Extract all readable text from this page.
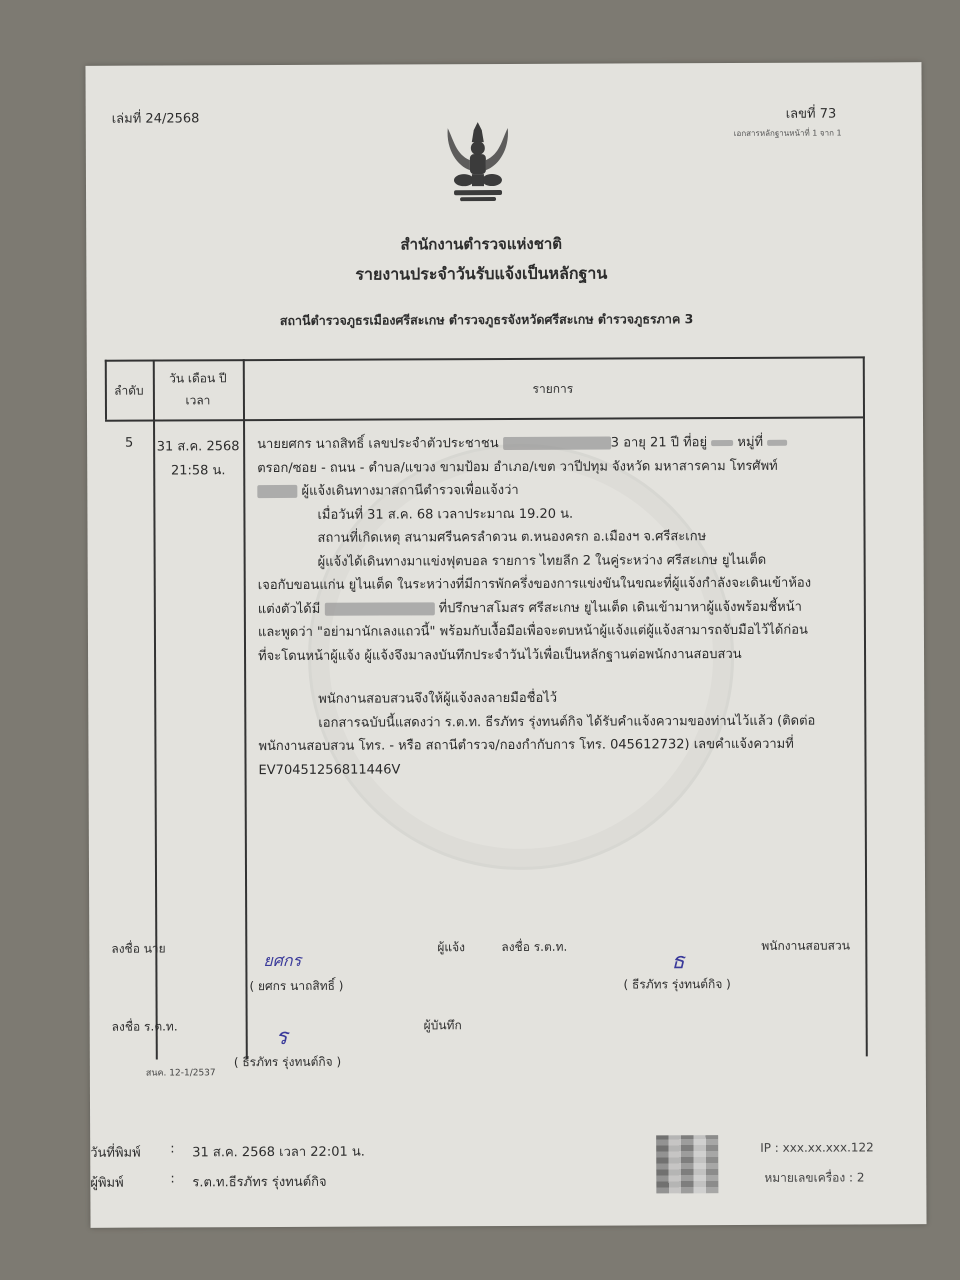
เล่มที่ 24/2568	เลขที่ 73
เอกสารหลักฐานหน้าที่ 1 จาก 1
สำนักงานตำรวจแห่งชาติ
รายงานประจำวันรับแจ้งเป็นหลักฐาน
สถานีตำรวจภูธรเมืองศรีสะเกษ ตำรวจภูธรจังหวัดศรีสะเกษ ตำรวจภูธรภาค 3
ลำดับ
วัน เดือน ปี
เวลา
รายการ
5	31 ส.ค. 2568
21:58 น.
นายยศกร นาถสิทธิ์ เลขประจำตัวประชาชน	3 อายุ 21 ปี ที่อยู่ หมู่ที่
ตรอก/ซอย - ถนน - ตำบล/แขวง ขามป้อม อำเภอ/เขต วาปีปทุม จังหวัด มหาสารคาม โทรศัพท์
ผู้แจ้งเดินทางมาสถานีตำรวจเพื่อแจ้งว่า
เมื่อวันที่ 31 ส.ค. 68 เวลาประมาณ 19.20 น.
สถานที่เกิดเหตุ สนามศรีนครลำดวน ต.หนองครก อ.เมืองฯ จ.ศรีสะเกษ
ผู้แจ้งได้เดินทางมาแข่งฟุตบอล รายการ ไทยลีก 2 ในคู่ระหว่าง ศรีสะเกษ ยูไนเต็ด
เจอกับขอนแก่น ยูไนเต็ด ในระหว่างที่มีการพักครึ่งของการแข่งขันในขณะที่ผู้แจ้งกำลังจะเดินเข้าห้อง
แต่งตัวได้มี	ที่ปรึกษาสโมสร ศรีสะเกษ ยูไนเต็ด เดินเข้ามาหาผู้แจ้งพร้อมชี้หน้า
และพูดว่า "อย่ามานักเลงแถวนี้" พร้อมกับเงื้อมือเพื่อจะตบหน้าผู้แจ้งแต่ผู้แจ้งสามารถจับมือไว้ได้ก่อน
ที่จะโดนหน้าผู้แจ้ง ผู้แจ้งจึงมาลงบันทึกประจำวันไว้เพื่อเป็นหลักฐานต่อพนักงานสอบสวน
พนักงานสอบสวนจึงให้ผู้แจ้งลงลายมือชื่อไว้
เอกสารฉบับนี้แสดงว่า ร.ต.ท. ธีรภัทร รุ่งทนต์กิจ ได้รับคำแจ้งความของท่านไว้แล้ว (ติดต่อ
พนักงานสอบสวน โทร. - หรือ สถานีตำรวจ/กองกำกับการ โทร. 045612732) เลขคำแจ้งความที่
EV70451256811446V
ลงชื่อ นาย
ยศกร
( ยศกร นาถสิทธิ์ )
ผู้แจ้ง	ลงชื่อ ร.ต.ท.
ธ
( ธีรภัทร รุ่งทนต์กิจ )
พนักงานสอบสวน
ลงชื่อ ร.ต.ท.	ร
( ธีรภัทร รุ่งทนต์กิจ )
ผู้บันทึก
สนค. 12-1/2537
วันที่พิมพ์ : 31 ส.ค. 2568 เวลา 22:01 น.
ผู้พิมพ์	: ร.ต.ท.ธีรภัทร รุ่งทนต์กิจ
IP : xxx.xx.xxx.122
หมายเลขเครื่อง : 2
